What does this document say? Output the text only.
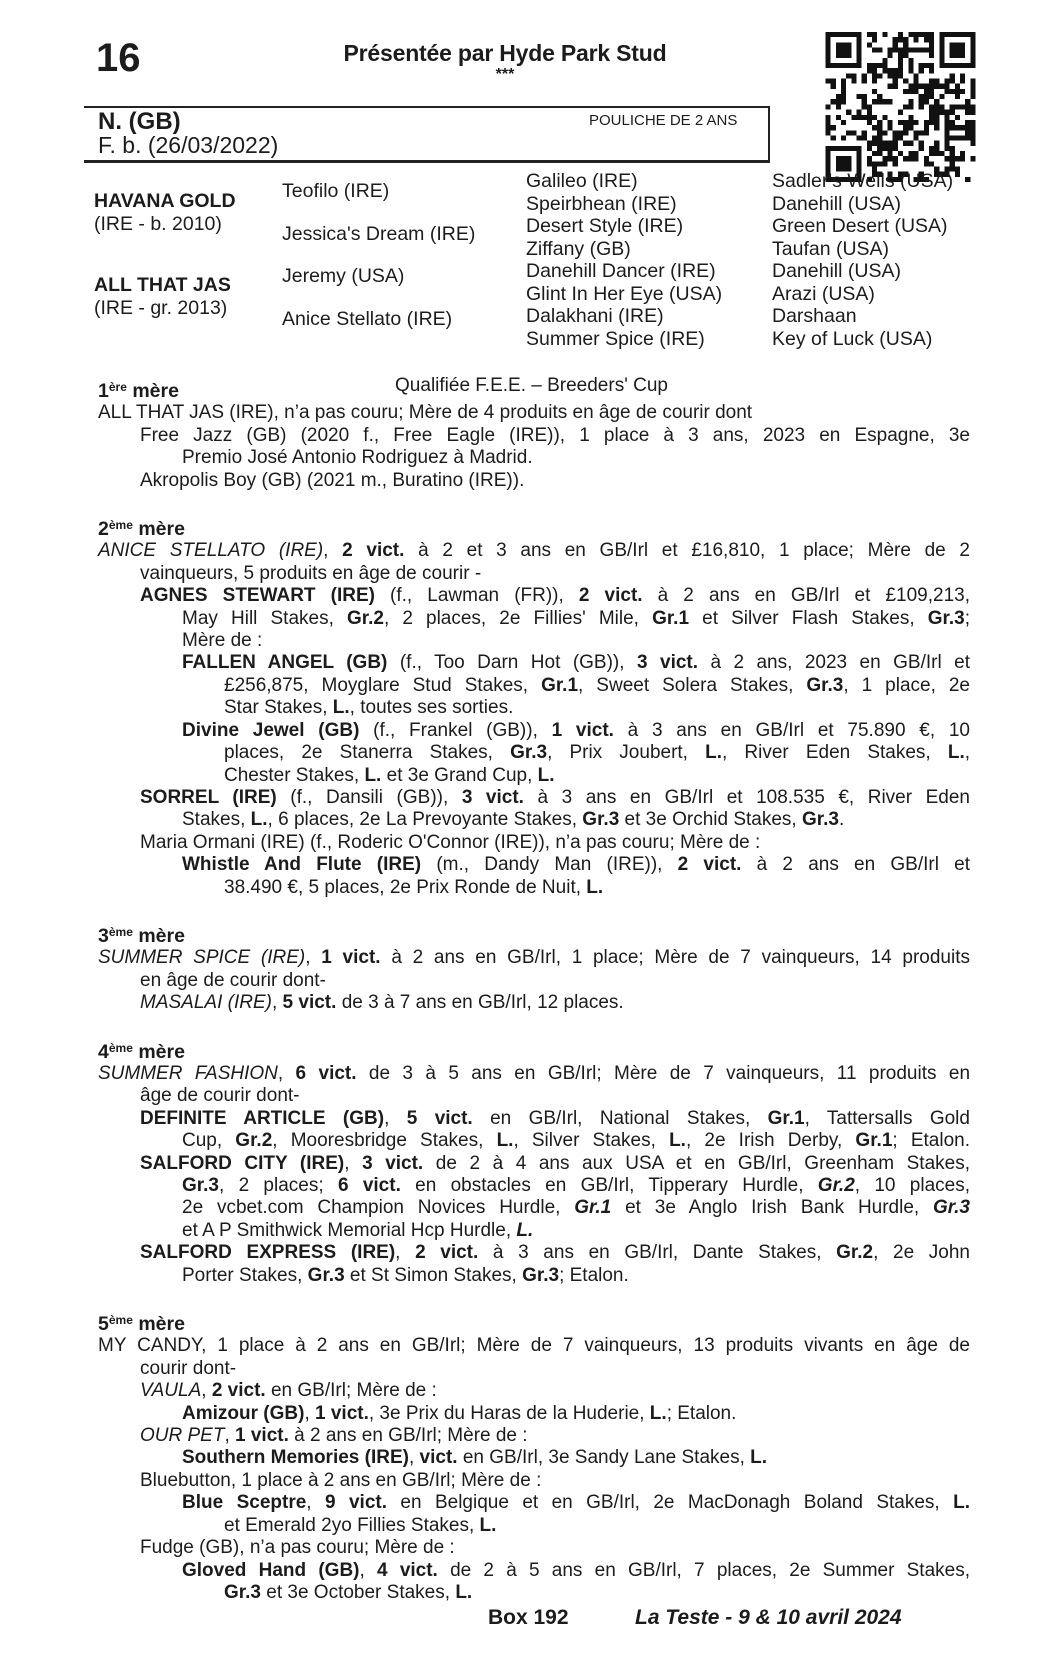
16	Présentée par Hyde Park Stud
***
N. (GB)
F. b. (26/03/2022)
POULICHE DE 2 ANS
HAVANA GOLD
(IRE - b. 2010)
ALL THAT JAS
(IRE - gr. 2013)
Teofilo (IRE)
Jessica's Dream (IRE)
Jeremy (USA)
Anice Stellato (IRE)
Galileo (IRE)
Speirbhean (IRE)
Desert Style (IRE)
Ziffany (GB)
Danehill Dancer (IRE)
Glint In Her Eye (USA)
Dalakhani (IRE)
Summer Spice (IRE)
Sadler's Wells (USA)
Danehill (USA)
Green Desert (USA)
Taufan (USA)
Danehill (USA)
Arazi (USA)
Darshaan
Key of Luck (USA)
Qualifiée F.E.E. – Breeders' Cup
1ère mère
ALL THAT JAS (IRE), n’a pas couru; Mère de 4 produits en âge de courir dont
Free Jazz (GB) (2020 f., Free Eagle (IRE)), 1 place à 3 ans, 2023 en Espagne, 3e
Premio José Antonio Rodriguez à Madrid.
Akropolis Boy (GB) (2021 m., Buratino (IRE)).
2ème mère
ANICE STELLATO (IRE), 2 vict. à 2 et 3 ans en GB/Irl et £16,810, 1 place; Mère de 2
vainqueurs, 5 produits en âge de courir -
AGNES STEWART (IRE) (f., Lawman (FR)), 2 vict. à 2 ans en GB/Irl et £109,213,
May Hill Stakes, Gr.2, 2 places, 2e Fillies' Mile, Gr.1 et Silver Flash Stakes, Gr.3;
Mère de :
FALLEN ANGEL (GB) (f., Too Darn Hot (GB)), 3 vict. à 2 ans, 2023 en GB/Irl et
£256,875, Moyglare Stud Stakes, Gr.1, Sweet Solera Stakes, Gr.3, 1 place, 2e
Star Stakes, L., toutes ses sorties.
Divine Jewel (GB) (f., Frankel (GB)), 1 vict. à 3 ans en GB/Irl et 75.890 €, 10
places, 2e Stanerra Stakes, Gr.3, Prix Joubert, L., River Eden Stakes, L.,
Chester Stakes, L. et 3e Grand Cup, L.
SORREL (IRE) (f., Dansili (GB)), 3 vict. à 3 ans en GB/Irl et 108.535 €, River Eden
Stakes, L., 6 places, 2e La Prevoyante Stakes, Gr.3 et 3e Orchid Stakes, Gr.3.
Maria Ormani (IRE) (f., Roderic O'Connor (IRE)), n’a pas couru; Mère de :
Whistle And Flute (IRE) (m., Dandy Man (IRE)), 2 vict. à 2 ans en GB/Irl et
38.490 €, 5 places, 2e Prix Ronde de Nuit, L.
3ème mère
SUMMER SPICE (IRE), 1 vict. à 2 ans en GB/Irl, 1 place; Mère de 7 vainqueurs, 14 produits
en âge de courir dont-
MASALAI (IRE), 5 vict. de 3 à 7 ans en GB/Irl, 12 places.
4ème mère
SUMMER FASHION, 6 vict. de 3 à 5 ans en GB/Irl; Mère de 7 vainqueurs, 11 produits en
âge de courir dont-
DEFINITE ARTICLE (GB), 5 vict. en GB/Irl, National Stakes, Gr.1, Tattersalls Gold
Cup, Gr.2, Mooresbridge Stakes, L., Silver Stakes, L., 2e Irish Derby, Gr.1; Etalon.
SALFORD CITY (IRE), 3 vict. de 2 à 4 ans aux USA et en GB/Irl, Greenham Stakes,
Gr.3, 2 places; 6 vict. en obstacles en GB/Irl, Tipperary Hurdle, Gr.2, 10 places,
2e vcbet.com Champion Novices Hurdle, Gr.1 et 3e Anglo Irish Bank Hurdle, Gr.3
et A P Smithwick Memorial Hcp Hurdle, L.
SALFORD EXPRESS (IRE), 2 vict. à 3 ans en GB/Irl, Dante Stakes, Gr.2, 2e John
Porter Stakes, Gr.3 et St Simon Stakes, Gr.3; Etalon.
5ème mère
MY CANDY, 1 place à 2 ans en GB/Irl; Mère de 7 vainqueurs, 13 produits vivants en âge de
courir dont-
VAULA, 2 vict. en GB/Irl; Mère de :
Amizour (GB), 1 vict., 3e Prix du Haras de la Huderie, L.; Etalon.
OUR PET, 1 vict. à 2 ans en GB/Irl; Mère de :
Southern Memories (IRE), vict. en GB/Irl, 3e Sandy Lane Stakes, L.
Bluebutton, 1 place à 2 ans en GB/Irl; Mère de :
Blue Sceptre, 9 vict. en Belgique et en GB/Irl, 2e MacDonagh Boland Stakes, L.
et Emerald 2yo Fillies Stakes, L.
Fudge (GB), n’a pas couru; Mère de :
Gloved Hand (GB), 4 vict. de 2 à 5 ans en GB/Irl, 7 places, 2e Summer Stakes,
Gr.3 et 3e October Stakes, L.
Box 192	La Teste - 9 & 10 avril 2024
